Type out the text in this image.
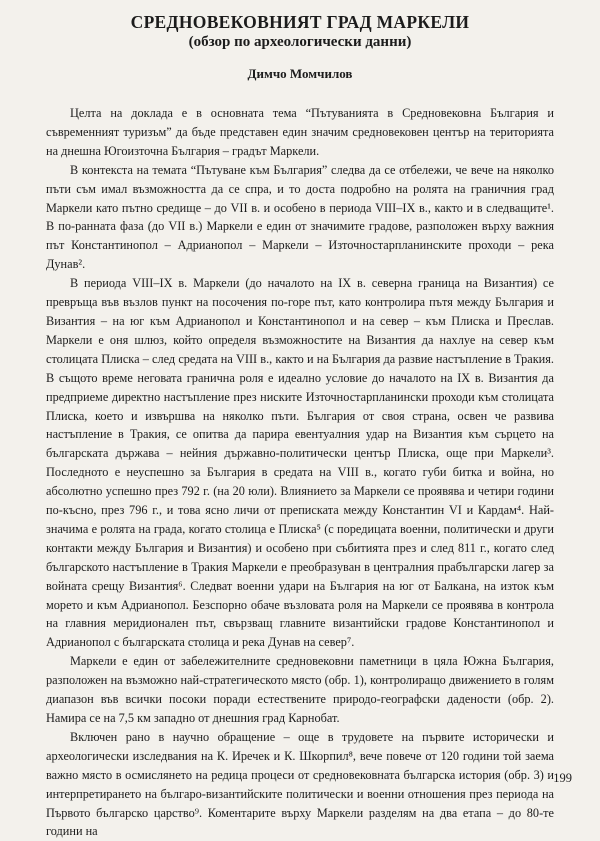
СРЕДНОВЕКОВНИЯТ ГРАД МАРКЕЛИ
(обзор по археологически данни)
Димчо Момчилов

Целта на доклада е в основната тема “Пътуванията в Средновековна България и съвременният туризъм” да бъде представен един значим средновековен център на територията на днешна Югоизточна България – градът Маркели.

В контекста на темата “Пътуване към България” следва да се отбележи, че вече на няколко пъти съм имал възможността да се спра, и то доста подробно на ролята на граничния град Маркели като пътно средище – до VII в. и особено в периода VIII–IX в., както и в следващите¹. В по-ранната фаза (до VII в.) Маркели е един от значимите градове, разположен върху важния път Константинопол – Адрианопол – Маркели – Източностарпланинските проходи – река Дунав².

В периода VIII–IX в. Маркели (до началото на IX в. северна граница на Византия) се превръща във възлов пункт на посочения по-горе път, като контролира пътя между България и Византия – на юг към Адрианопол и Константинопол и на север – към Плиска и Преслав. Маркели е оня шлюз, който определя възможностите на Византия да нахлуе на север към столицата Плиска – след средата на VIII в., както и на България да развие настъпление в Тракия. В същото време неговата гранична роля е идеално условие до началото на IX в. Византия да предприеме директно настъпление през ниските Източностарпланински проходи към столицата Плиска, което и извършва на няколко пъти. България от своя страна, освен че развива настъпление в Тракия, се опитва да парира евентуалния удар на Византия към сърцето на българската държава – нейния държавно-политически център Плиска, още при Маркели³. Последното е неуспешно за България в средата на VIII в., когато губи битка и война, но абсолютно успешно през 792 г. (на 20 юли). Влиянието за Маркели се проявява и четири години по-късно, през 796 г., и това ясно личи от преписката между Константин VI и Кардам⁴. Най-значима е ролята на града, когато столица е Плиска⁵ (с поредицата военни, политически и други контакти между България и Византия) и особено при събитията през и след 811 г., когато след българското настъпление в Тракия Маркели е преобразуван в централния прабългарски лагер за войната срещу Византия⁶. Следват военни удари на България на юг от Балкана, на изток към морето и към Адрианопол. Безспорно обаче възловата роля на Маркели се проявява в контрола на главния меридионален път, свързващ главните византийски градове Константинопол и Адрианопол с българската столица и река Дунав на север⁷.

Маркели е един от забележителните средновековни паметници в цяла Южна България, разположен на възможно най-стратегическото място (обр. 1), контролиращо движението в голям диапазон във всички посоки поради естествените природо-географски дадености (обр. 2). Намира се на 7,5 км западно от днешния град Карнобат.

Включен рано в научно обращение – още в трудовете на първите исторически и археологически изследвания на К. Иречек и К. Шкорпил⁸, вече повече от 120 години той заема важно място в осмислянето на редица процеси от средновековната българска история (обр. 3) и интерпретирането на българо-византийските политически и военни отношения през периода на Първото българско царство⁹. Коментарите върху Маркели разделям на два етапа – до 80-те години на

199
